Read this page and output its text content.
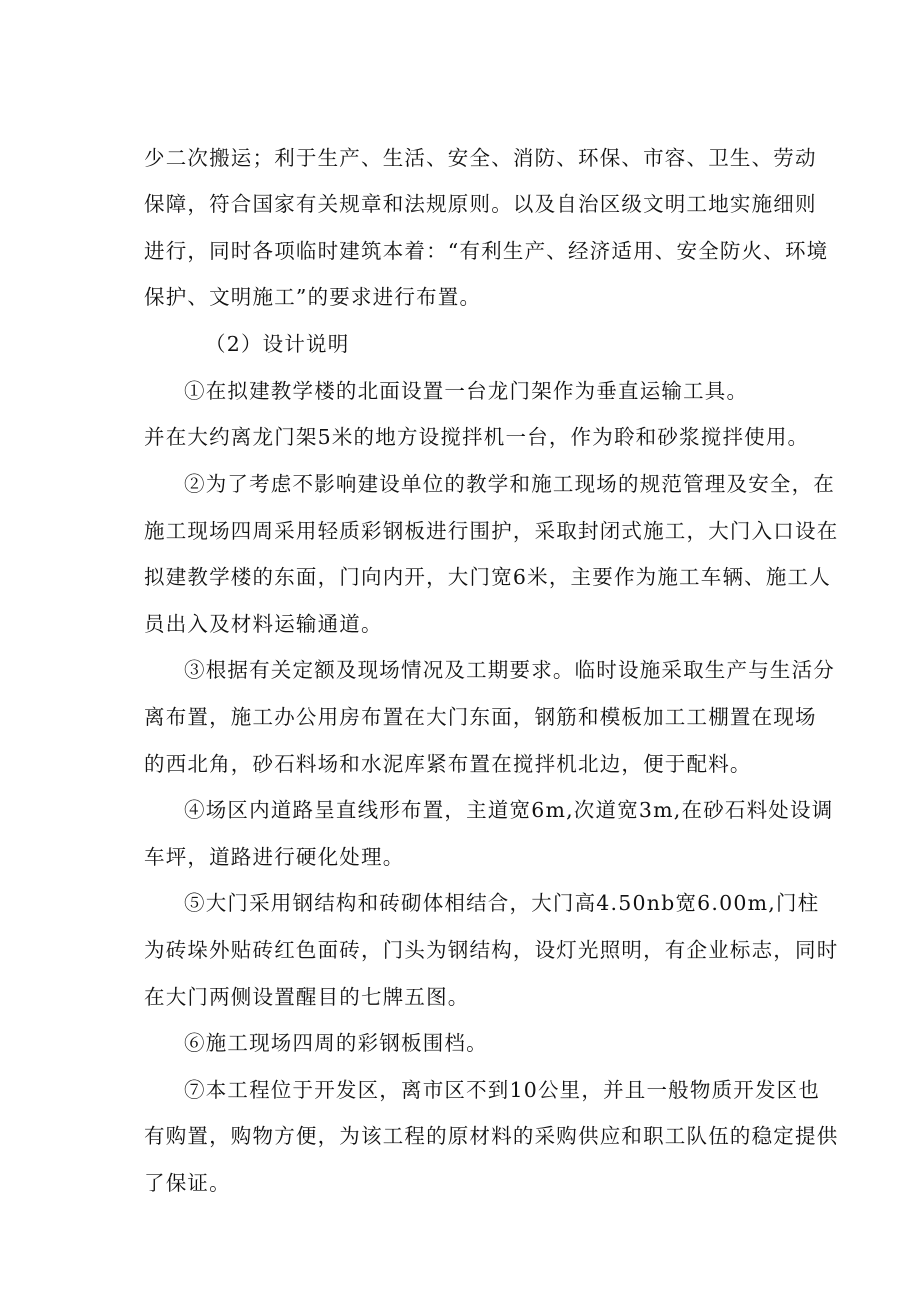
少二次搬运；利于生产、生活、安全、消防、环保、市容、卫生、劳动
保障，符合国家有关规章和法规原则。以及自治区级文明工地实施细则
进行，同时各项临时建筑本着：“有利生产、经济适用、安全防火、环境
保护、文明施工”的要求进行布置。
（2）设计说明
①在拟建教学楼的北面设置一台龙门架作为垂直运输工具。
并在大约离龙门架5米的地方设搅拌机一台，作为聆和砂浆搅拌使用。
②为了考虑不影响建设单位的教学和施工现场的规范管理及安全，在
施工现场四周采用轻质彩钢板进行围护，采取封闭式施工，大门入口设在
拟建教学楼的东面，门向内开，大门宽6米，主要作为施工车辆、施工人
员出入及材料运输通道。
③根据有关定额及现场情况及工期要求。临时设施采取生产与生活分
离布置，施工办公用房布置在大门东面，钢筋和模板加工工棚置在现场
的西北角，砂石料场和水泥库紧布置在搅拌机北边，便于配料。
④场区内道路呈直线形布置，主道宽6m,次道宽3m,在砂石料处设调
车坪，道路进行硬化处理。
⑤大门采用钢结构和砖砌体相结合，大门高4.50nb宽6.00m,门柱
为砖垛外贴砖红色面砖，门头为钢结构，设灯光照明，有企业标志，同时
在大门两侧设置醒目的七牌五图。
⑥施工现场四周的彩钢板围档。
⑦本工程位于开发区，离市区不到10公里，并且一般物质开发区也
有购置，购物方便，为该工程的原材料的采购供应和职工队伍的稳定提供
了保证。
